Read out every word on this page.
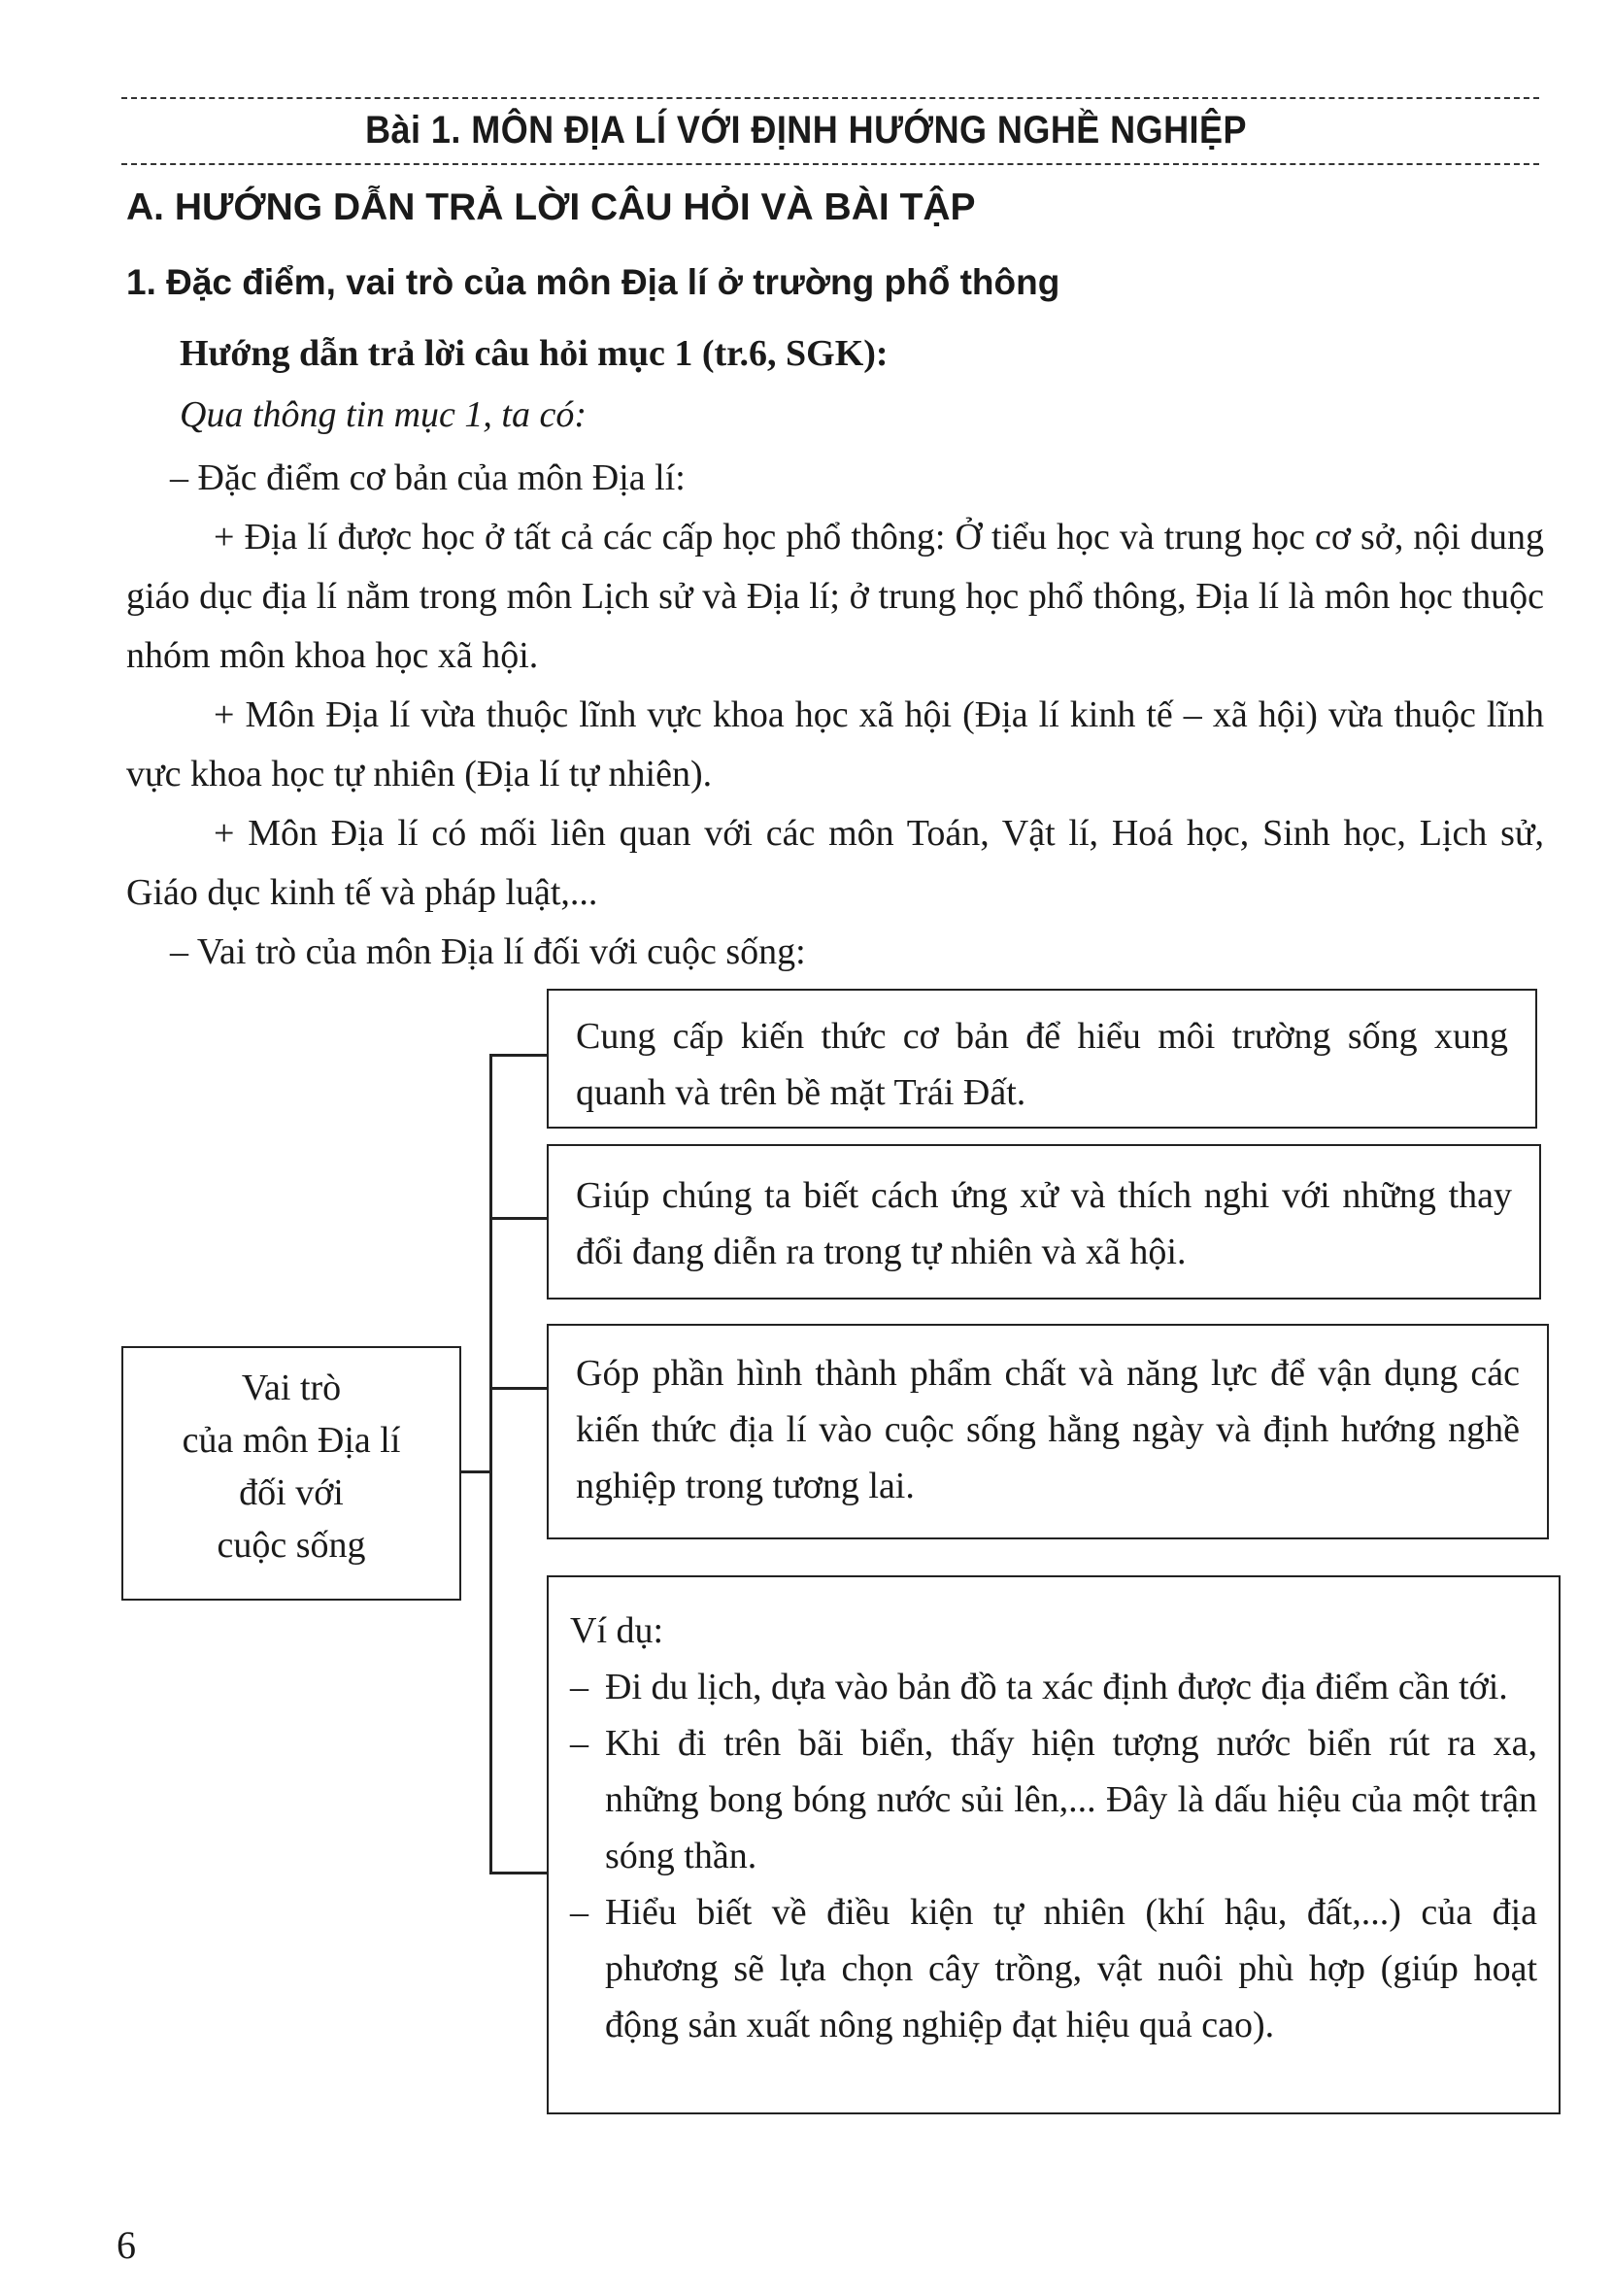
Bài 1. MÔN ĐỊA LÍ VỚI ĐỊNH HƯỚNG NGHỀ NGHIỆP
A. HƯỚNG DẪN TRẢ LỜI CÂU HỎI VÀ BÀI TẬP
1. Đặc điểm, vai trò của môn Địa lí ở trường phổ thông
Hướng dẫn trả lời câu hỏi mục 1 (tr.6, SGK):
Qua thông tin mục 1, ta có:
– Đặc điểm cơ bản của môn Địa lí:
+ Địa lí được học ở tất cả các cấp học phổ thông: Ở tiểu học và trung học cơ sở, nội dung giáo dục địa lí nằm trong môn Lịch sử và Địa lí; ở trung học phổ thông, Địa lí là môn học thuộc nhóm môn khoa học xã hội.
+ Môn Địa lí vừa thuộc lĩnh vực khoa học xã hội (Địa lí kinh tế – xã hội) vừa thuộc lĩnh vực khoa học tự nhiên (Địa lí tự nhiên).
+ Môn Địa lí có mối liên quan với các môn Toán, Vật lí, Hoá học, Sinh học, Lịch sử, Giáo dục kinh tế và pháp luật,...
– Vai trò của môn Địa lí đối với cuộc sống:
Vai trò
của môn Địa lí
đối với
cuộc sống
Cung cấp kiến thức cơ bản để hiểu môi trường sống xung quanh và trên bề mặt Trái Đất.
Giúp chúng ta biết cách ứng xử và thích nghi với những thay đổi đang diễn ra trong tự nhiên và xã hội.
Góp phần hình thành phẩm chất và năng lực để vận dụng các kiến thức địa lí vào cuộc sống hằng ngày và định hướng nghề nghiệp trong tương lai.
Ví dụ:
– Đi du lịch, dựa vào bản đồ ta xác định được địa điểm cần tới.
– Khi đi trên bãi biển, thấy hiện tượng nước biển rút ra xa, những bong bóng nước sủi lên,... Đây là dấu hiệu của một trận sóng thần.
– Hiểu biết về điều kiện tự nhiên (khí hậu, đất,...) của địa phương sẽ lựa chọn cây trồng, vật nuôi phù hợp (giúp hoạt động sản xuất nông nghiệp đạt hiệu quả cao).
6
